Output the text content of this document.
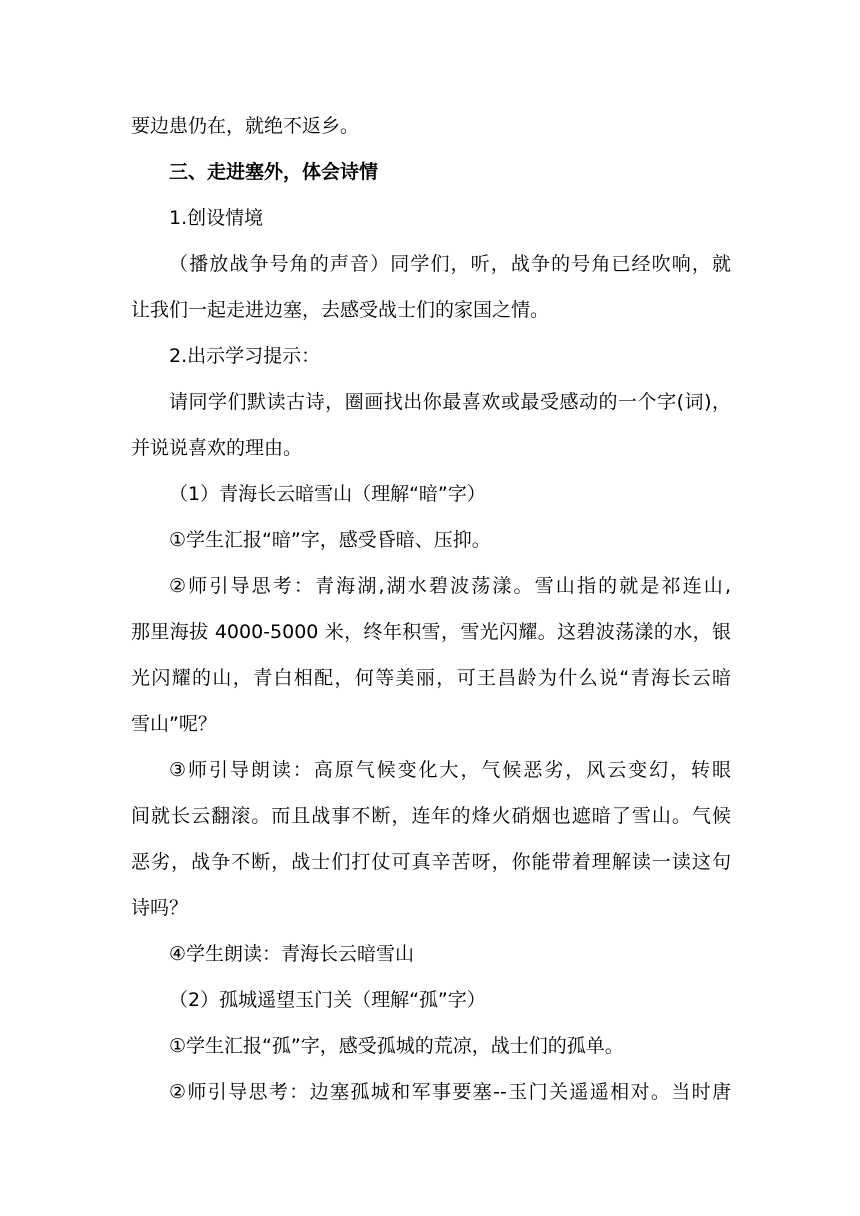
要边患仍在，就绝不返乡。
三、走进塞外，体会诗情
1.创设情境
（播放战争号角的声音）同学们，听，战争的号角已经吹响，就
让我们一起走进边塞，去感受战士们的家国之情。
2.出示学习提示：
请同学们默读古诗，圈画找出你最喜欢或最受感动的一个字(词)，
并说说喜欢的理由。
（1）青海长云暗雪山（理解“暗”字）
①学生汇报“暗”字，感受昏暗、压抑。
②师引导思考：青海湖,湖水碧波荡漾。雪山指的就是祁连山,
那里海拔 4000-5000 米，终年积雪，雪光闪耀。这碧波荡漾的水，银
光闪耀的山，青白相配，何等美丽，可王昌龄为什么说“青海长云暗
雪山”呢？
③师引导朗读：高原气候变化大，气候恶劣，风云变幻，转眼
间就长云翻滚。而且战事不断，连年的烽火硝烟也遮暗了雪山。气候
恶劣，战争不断，战士们打仗可真辛苦呀，你能带着理解读一读这句
诗吗？
④学生朗读：青海长云暗雪山
（2）孤城遥望玉门关（理解“孤”字）
①学生汇报“孤”字，感受孤城的荒凉，战士们的孤单。
②师引导思考：边塞孤城和军事要塞--玉门关遥遥相对。当时唐
